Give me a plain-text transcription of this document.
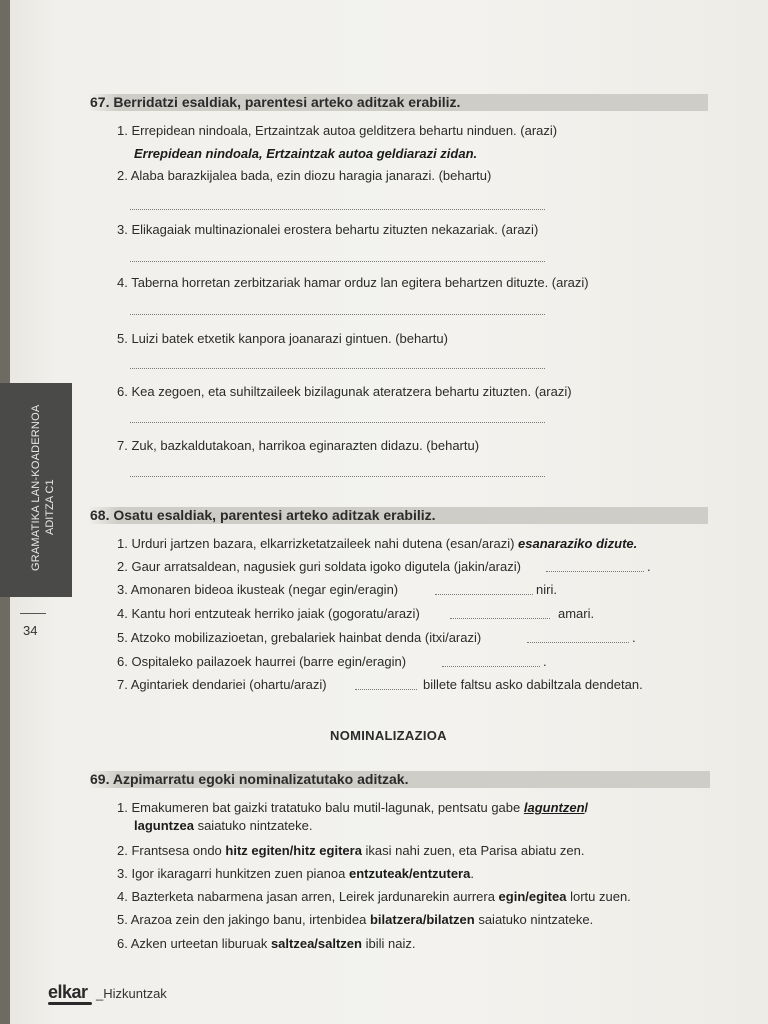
67. Berridatzi esaldiak, parentesi arteko aditzak erabiliz.
1. Errepidean nindoala, Ertzaintzak autoa gelditzera behartu ninduen. (arazi)
Errepidean nindoala, Ertzaintzak autoa geldiarazi zidan.
2. Alaba barazkijalea bada, ezin diozu haragia janarazi. (behartu)
3. Elikagaiak multinazionalei erostera behartu zituzten nekazariak. (arazi)
4. Taberna horretan zerbitzariak hamar orduz lan egitera behartzen dituzte. (arazi)
5. Luizi batek etxetik kanpora joanarazi gintuen. (behartu)
6. Kea zegoen, eta suhiltzaileek bizilagunak ateratzera behartu zituzten. (arazi)
7. Zuk, bazkaldutakoan, harrikoa eginarazten didazu. (behartu)
68. Osatu esaldiak, parentesi arteko aditzak erabiliz.
1. Urduri jartzen bazara, elkarrizketatzaileek nahi dutena (esan/arazi) esanaraziko dizute.
2. Gaur arratsaldean, nagusiek guri soldata igoko digutela (jakin/arazi)	.
3. Amonaren bideoa ikusteak (negar egin/eragin)	niri.
4. Kantu hori entzuteak herriko jaiak (gogoratu/arazi)	amari.
5. Atzoko mobilizazioetan, grebalariek hainbat denda (itxi/arazi)	.
6. Ospitaleko pailazoek haurrei (barre egin/eragin)	.
7. Agintariek dendariei (ohartu/arazi)	billete faltsu asko dabiltzala dendetan.
NOMINALIZAZIOA
69. Azpimarratu egoki nominalizatutako aditzak.
1. Emakumeren bat gaizki tratatuko balu mutil-lagunak, pentsatu gabe laguntzen/
laguntzea saiatuko nintzateke.
2. Frantsesa ondo hitz egiten/hitz egitera ikasi nahi zuen, eta Parisa abiatu zen.
3. Igor ikaragarri hunkitzen zuen pianoa entzuteak/entzutera.
4. Bazterketa nabarmena jasan arren, Leirek jardunarekin aurrera egin/egitea lortu zuen.
5. Arazoa zein den jakingo banu, irtenbidea bilatzera/bilatzen saiatuko nintzateke.
6. Azken urteetan liburuak saltzea/saltzen ibili naiz.
GRAMATIKA LAN-KOADERNOA ADITZA C1
34
elkar _Hizkuntzak
